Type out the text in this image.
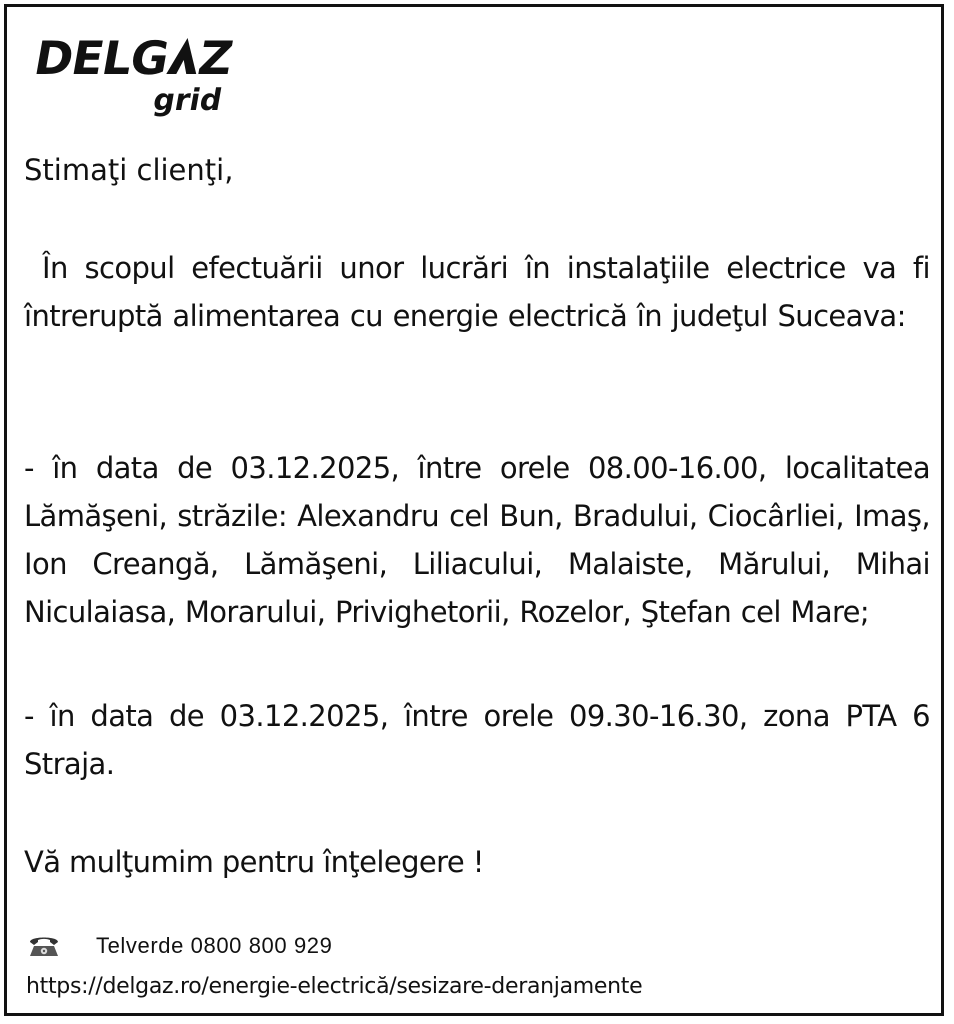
DELG Z
grid

Stimaţi clienţi,

În scopul efectuării unor lucrări în instalaţiile electrice va fi întreruptă alimentarea cu energie electrică în judeţul Suceava:

- în data de 03.12.2025, între orele 08.00-16.00, localitatea Lămăşeni, străzile: Alexandru cel Bun, Bradului, Ciocârliei, Imaş, Ion Creangă, Lămăşeni, Liliacului, Malaiste, Mărului, Mihai Niculaiasa, Morarului, Privighetorii, Rozelor, Ştefan cel Mare;

- în data de 03.12.2025, între orele 09.30-16.30, zona PTA 6 Straja.

Vă mulţumim pentru înţelegere !

Telverde 0800 800 929

https://delgaz.ro/energie-electrică/sesizare-deranjamente
